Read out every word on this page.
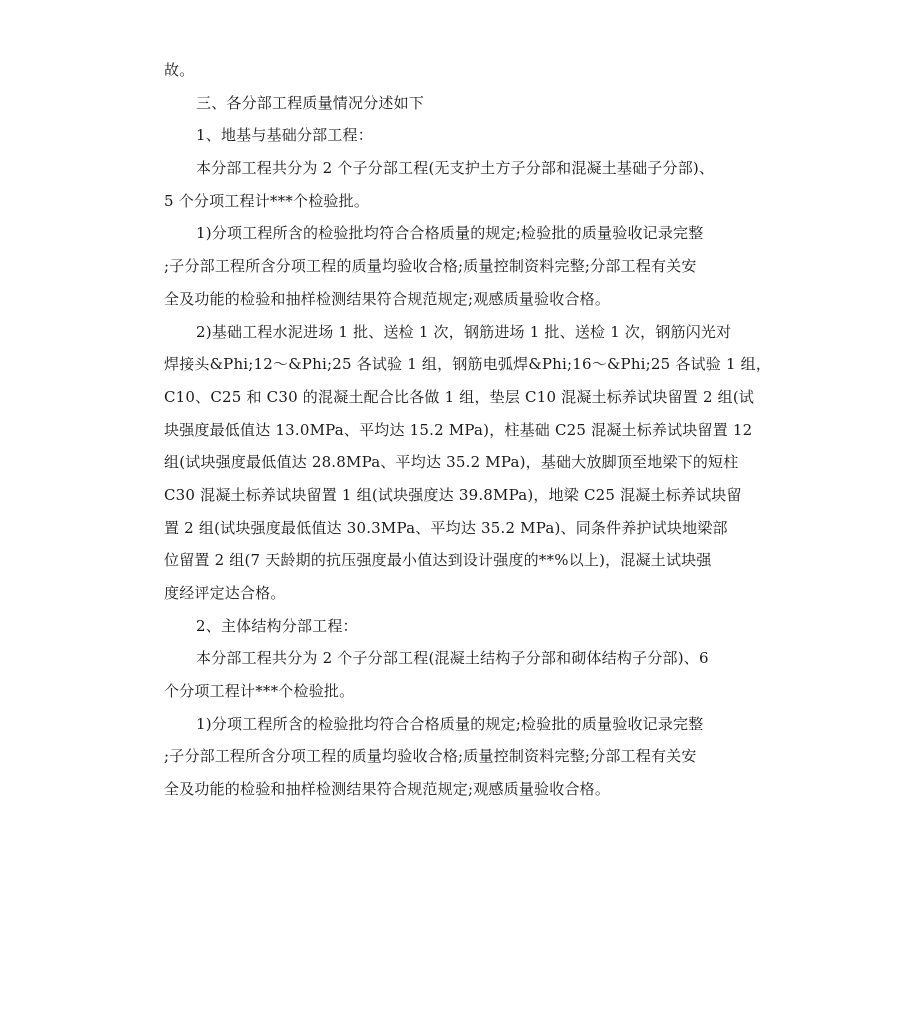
故。
三、各分部工程质量情况分述如下
1、地基与基础分部工程：
本分部工程共分为 2 个子分部工程(无支护土方子分部和混凝土基础子分部)、
5 个分项工程计***个检验批。
1)分项工程所含的检验批均符合合格质量的规定;检验批的质量验收记录完整
;子分部工程所含分项工程的质量均验收合格;质量控制资料完整;分部工程有关安
全及功能的检验和抽样检测结果符合规范规定;观感质量验收合格。
2)基础工程水泥进场 1 批、送检 1 次，钢筋进场 1 批、送检 1 次，钢筋闪光对
焊接头&Phi;12～&Phi;25 各试验 1 组，钢筋电弧焊&Phi;16～&Phi;25 各试验 1 组，
C10、C25 和 C30 的混凝土配合比各做 1 组，垫层 C10 混凝土标养试块留置 2 组(试
块强度最低值达 13.0MPa、平均达 15.2 MPa)，柱基础 C25 混凝土标养试块留置 12
组(试块强度最低值达 28.8MPa、平均达 35.2 MPa)，基础大放脚顶至地梁下的短柱
C30 混凝土标养试块留置 1 组(试块强度达 39.8MPa)，地梁 C25 混凝土标养试块留
置 2 组(试块强度最低值达 30.3MPa、平均达 35.2 MPa)、同条件养护试块地梁部
位留置 2 组(7 天龄期的抗压强度最小值达到设计强度的**%以上)，混凝土试块强
度经评定达合格。
2、主体结构分部工程：
本分部工程共分为 2 个子分部工程(混凝土结构子分部和砌体结构子分部)、6
个分项工程计***个检验批。
1)分项工程所含的检验批均符合合格质量的规定;检验批的质量验收记录完整
;子分部工程所含分项工程的质量均验收合格;质量控制资料完整;分部工程有关安
全及功能的检验和抽样检测结果符合规范规定;观感质量验收合格。
